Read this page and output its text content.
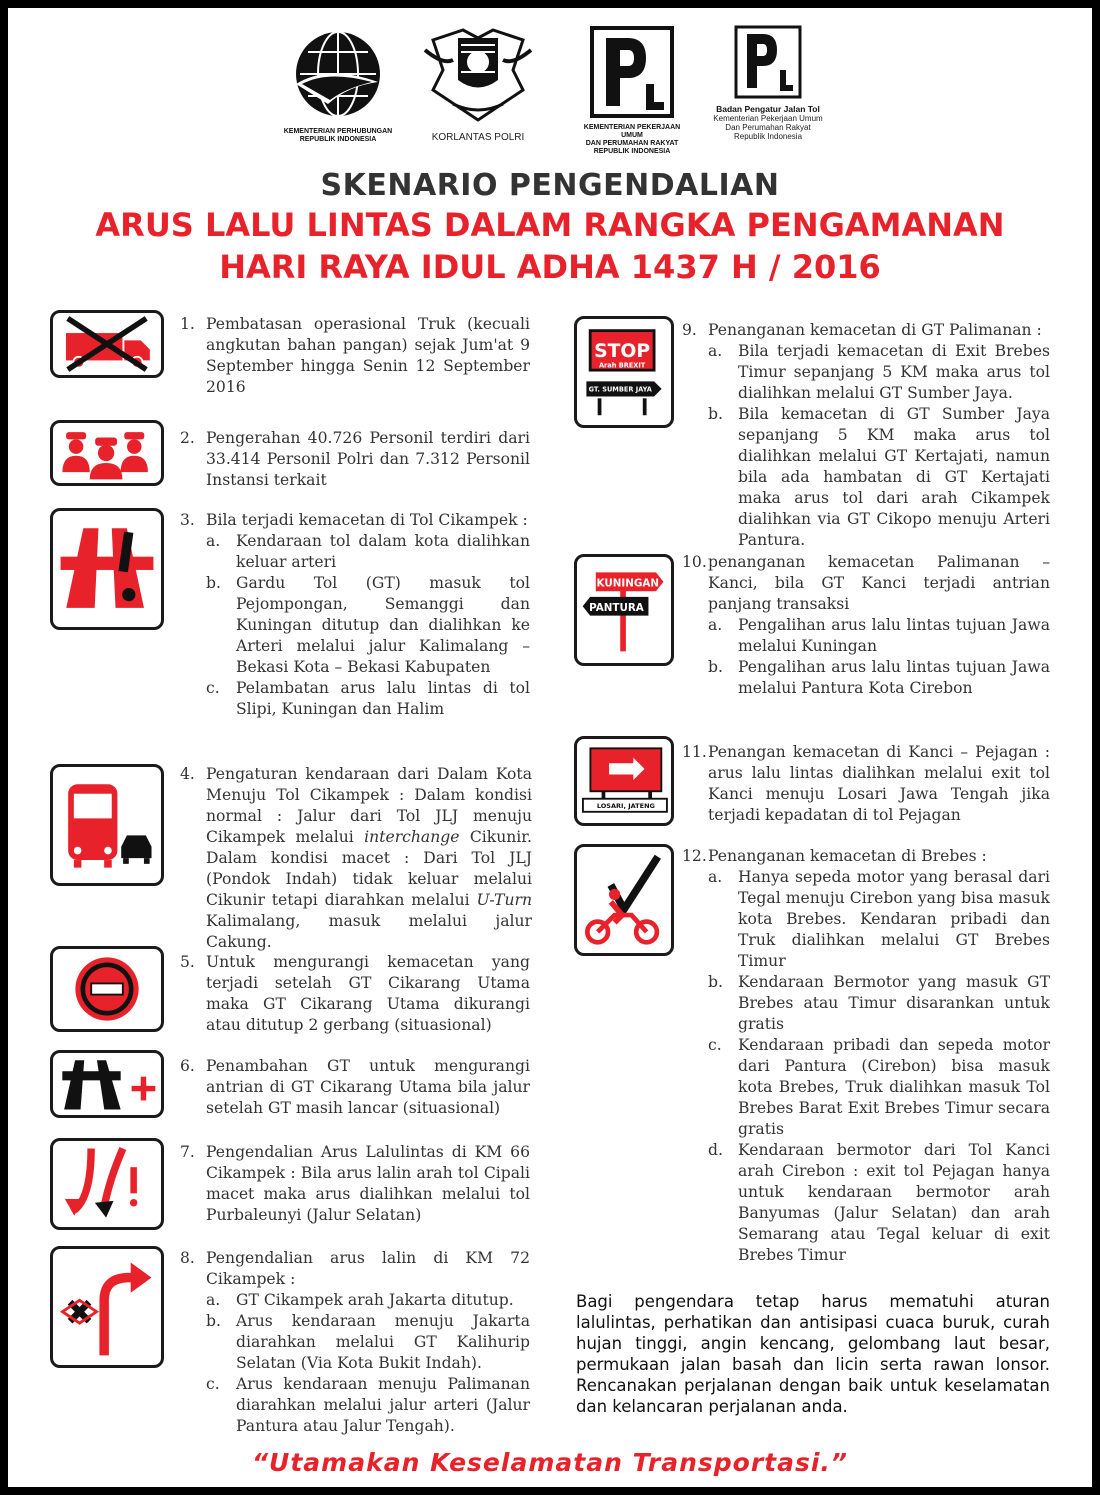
KEMENTERIAN PERHUBUNGAN
REPUBLIK INDONESIA	KORLANTAS POLRI
KEMENTERIAN PEKERJAAN UMUM
DAN PERUMAHAN RAKYAT
REPUBLIK INDONESIA
Badan Pengatur Jalan Tol
Kementerian Pekerjaan Umum
Dan Perumahan Rakyat
Republik Indonesia
SKENARIO PENGENDALIAN
ARUS LALU LINTAS DALAM RANGKA PENGAMANAN
HARI RAYA IDUL ADHA 1437 H / 2016
STOP
Arah BREXIT
GT. SUMBER JAYA
KUNINGAN
PANTURA
LOSARI, JATENG
1. Pembatasan operasional Truk (kecuali angkutan bahan pangan) sejak Jum'at 9 September hingga Senin 12 September 2016
2. Pengerahan 40.726 Personil terdiri dari 33.414 Personil Polri dan 7.312 Personil Instansi terkait
3. Bila terjadi kemacetan di Tol Cikampek :
a. Kendaraan tol dalam kota dialihkan keluar arteri
b. Gardu Tol (GT) masuk tol Pejompongan, Semanggi dan Kuningan ditutup dan dialihkan ke Arteri melalui jalur Kalimalang – Bekasi Kota – Bekasi Kabupaten
c. Pelambatan arus lalu lintas di tol Slipi, Kuningan dan Halim
4. Pengaturan kendaraan dari Dalam Kota Menuju Tol Cikampek : Dalam kondisi normal : Jalur dari Tol JLJ menuju Cikampek melalui interchange Cikunir. Dalam kondisi macet : Dari Tol JLJ (Pondok Indah) tidak keluar melalui Cikunir tetapi diarahkan melalui U-Turn Kalimalang, masuk melalui jalur Cakung.
5. Untuk mengurangi kemacetan yang terjadi setelah GT Cikarang Utama maka GT Cikarang Utama dikurangi atau ditutup 2 gerbang (situasional)
6. Penambahan GT untuk mengurangi antrian di GT Cikarang Utama bila jalur setelah GT masih lancar (situasional)
7. Pengendalian Arus Lalulintas di KM 66 Cikampek : Bila arus lalin arah tol Cipali macet maka arus dialihkan melalui tol Purbaleunyi (Jalur Selatan)
8. Pengendalian arus lalin di KM 72 Cikampek :
a. GT Cikampek arah Jakarta ditutup.
b. Arus kendaraan menuju Jakarta diarahkan melalui GT Kalihurip Selatan (Via Kota Bukit Indah).
c. Arus kendaraan menuju Palimanan diarahkan melalui jalur arteri (Jalur Pantura atau Jalur Tengah).
9. Penanganan kemacetan di GT Palimanan :
a. Bila terjadi kemacetan di Exit Brebes Timur sepanjang 5 KM maka arus tol dialihkan melalui GT Sumber Jaya.
b. Bila kemacetan di GT Sumber Jaya sepanjang 5 KM maka arus tol dialihkan melalui GT Kertajati, namun bila ada hambatan di GT Kertajati maka arus tol dari arah Cikampek dialihkan via GT Cikopo menuju Arteri Pantura.
10. penanganan kemacetan Palimanan – Kanci, bila GT Kanci terjadi antrian panjang transaksi
a. Pengalihan arus lalu lintas tujuan Jawa melalui Kuningan
b. Pengalihan arus lalu lintas tujuan Jawa melalui Pantura Kota Cirebon
11. Penangan kemacetan di Kanci – Pejagan : arus lalu lintas dialihkan melalui exit tol Kanci menuju Losari Jawa Tengah jika terjadi kepadatan di tol Pejagan
12. Penanganan kemacetan di Brebes :
a. Hanya sepeda motor yang berasal dari Tegal menuju Cirebon yang bisa masuk kota Brebes. Kendaran pribadi dan Truk dialihkan melalui GT Brebes Timur
b. Kendaraan Bermotor yang masuk GT Brebes atau Timur disarankan untuk gratis
c. Kendaraan pribadi dan sepeda motor dari Pantura (Cirebon) bisa masuk kota Brebes, Truk dialihkan masuk Tol Brebes Barat Exit Brebes Timur secara gratis
d. Kendaraan bermotor dari Tol Kanci arah Cirebon : exit tol Pejagan hanya untuk kendaraan bermotor arah Banyumas (Jalur Selatan) dan arah Semarang atau Tegal keluar di exit Brebes Timur
Bagi pengendara tetap harus mematuhi aturan lalulintas, perhatikan dan antisipasi cuaca buruk, curah hujan tinggi, angin kencang, gelombang laut besar, permukaan jalan basah dan licin serta rawan lonsor. Rencanakan perjalanan dengan baik untuk keselamatan dan kelancaran perjalanan anda.
“Utamakan Keselamatan Transportasi.”
